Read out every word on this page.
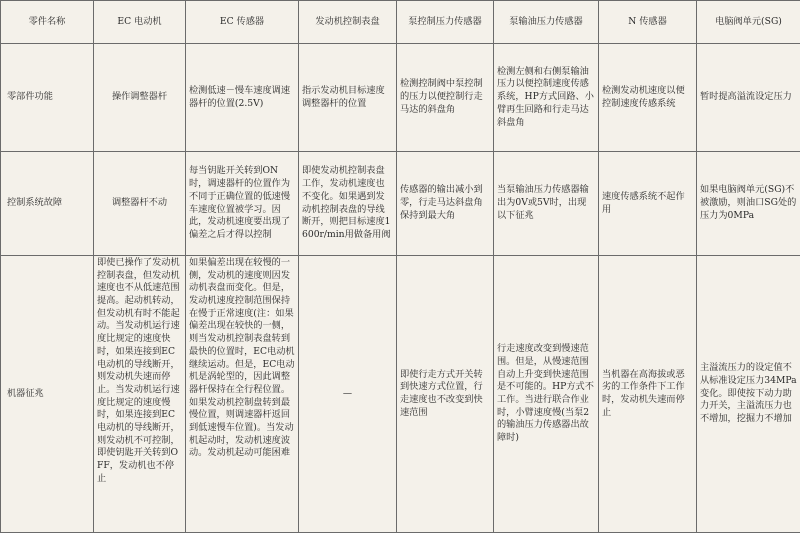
零件名称	EC 电动机	EC 传感器	发动机控制表盘	泵控制压力传感器	泵输油压力传感器	N 传感器	电脑阀单元(SG)
零部件功能	操作调整器杆	检测低速－慢车速度调速器杆的位置(2.5V)	指示发动机目标速度调整器杆的位置	检测控制阀中泵控制的压力以便控制行走马达的斜盘角	检测左侧和右侧泵输油压力以便控制速度传感系统，HP方式回路、小臂再生回路和行走马达斜盘角	检测发动机速度以便控制速度传感系统	暂时提高溢流设定压力
控制系统故障	调整器杆不动	每当钥匙开关转到ON时，调速器杆的位置作为不同于正确位置的低速慢车速度位置被学习。因此，发动机速度要出现了偏差之后才得以控制	即使发动机控制表盘工作，发动机速度也不变化。如果遇到发动机控制表盘的导线断开，则把目标速度1600r/min用做备用阀	传感器的输出减小到零，行走马达斜盘角保持到最大角	当泵输油压力传感器输出为0V或5V时，出现以下征兆	速度传感系统不起作用	如果电脑阀单元(SG)不被激励，则油口SG处的压力为0MPa
机器征兆	即使已操作了发动机控制表盘，但发动机速度也不从低速范围提高。起动机转动，但发动机有时不能起动。当发动机运行速度比规定的速度快时，如果连接到EC电动机的导线断开，则发动机失速而停止。当发动机运行速度比规定的速度慢时，如果连接到EC电动机的导线断开，则发动机不可控制，即使钥匙开关转到OFF，发动机也不停止	如果偏差出现在较慢的一侧，发动机的速度则因发动机表盘而变化。但是，发动机速度控制范围保持在慢于正常速度(注：如果偏差出现在较快的一侧，则当发动机控制表盘转到最快的位置时，EC电动机继续运动。但是，EC电动机是涡轮型的，因此调整器杆保持在全行程位置。如果发动机控制盘转到最慢位置，则调速器杆返回到低速慢车位置)。当发动机起动时，发动机速度波动。发动机起动可能困难	—	即使行走方式开关转到快速方式位置，行走速度也不改变到快速范围	行走速度改变到慢速范围。但是，从慢速范围自动上升变到快速范围是不可能的。HP方式不工作。当进行联合作业时，小臂速度慢(当泵2的输油压力传感器出故障时)	当机器在高海拔或恶劣的工作条件下工作时，发动机失速而停止	主溢流压力的设定值不从标准设定压力34MPa变化。即使按下动力助力开关，主溢流压力也不增加，挖掘力不增加
